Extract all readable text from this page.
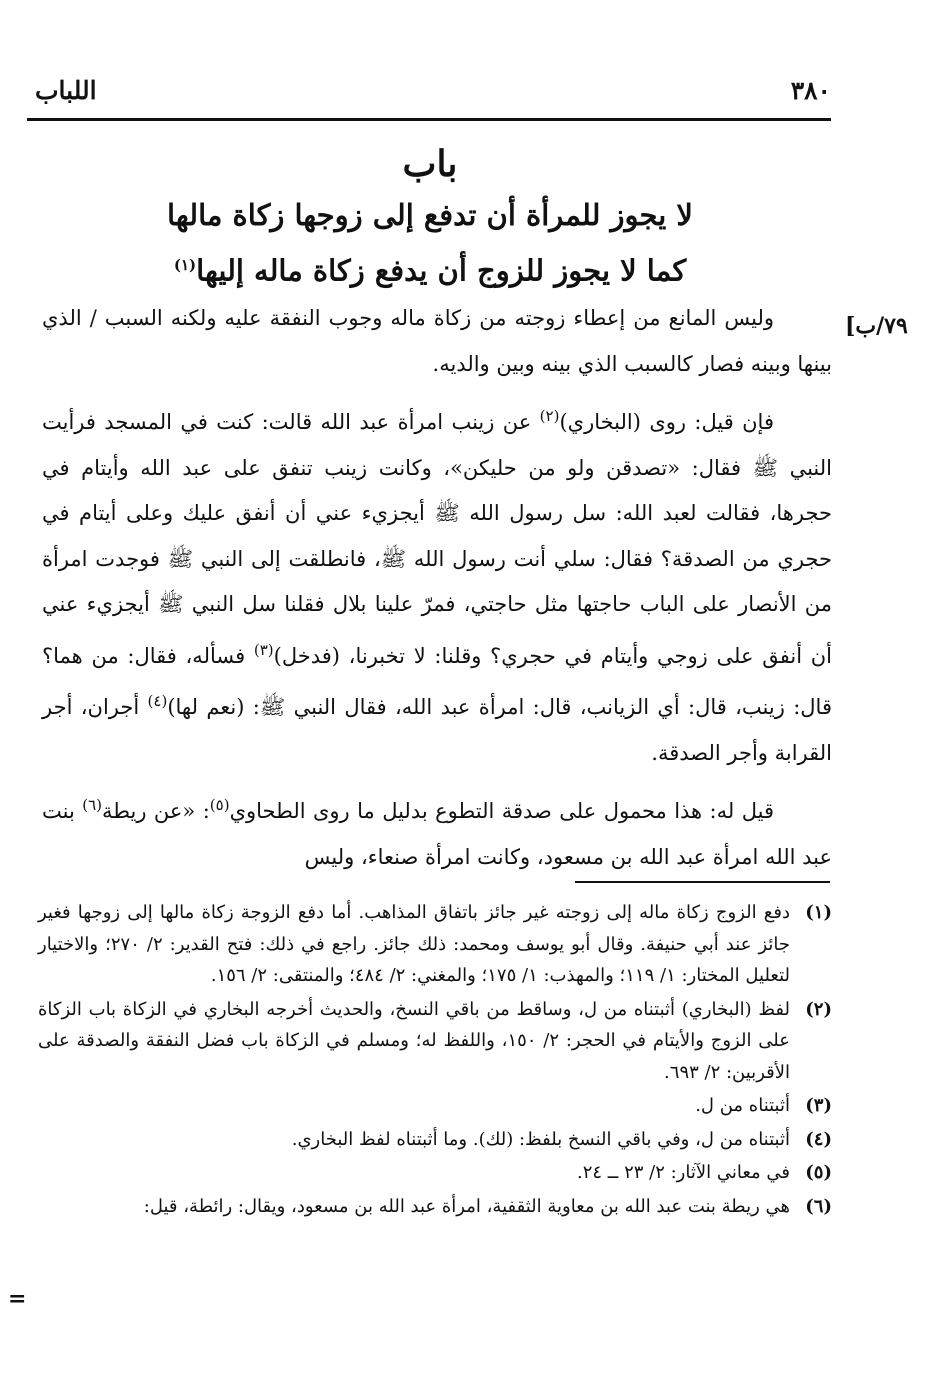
٣٨٠
اللباب
باب
لا يجوز للمرأة أن تدفع إلى زوجها زكاة مالها
كما لا يجوز للزوج أن يدفع زكاة ماله إليها$^{(١)}$
٧٩/ب]

وليس المانع من إعطاء زوجته من زكاة ماله وجوب النفقة عليه ولكنه السبب / الذي بينها وبينه فصار كالسبب الذي بينه وبين والديه.

فإن قيل: روى (البخاري)$^{(٢)}$ عن زينب امرأة عبد الله قالت: كنت في المسجد فرأيت النبي ﷺ فقال: «تصدقن ولو من حليكن»، وكانت زينب تنفق على عبد الله وأيتام في حجرها، فقالت لعبد الله: سل رسول الله ﷺ أيجزيء عني أن أنفق عليك وعلى أيتام في حجري من الصدقة؟ فقال: سلي أنت رسول الله ﷺ، فانطلقت إلى النبي ﷺ فوجدت امرأة من الأنصار على الباب حاجتها مثل حاجتي، فمرّ علينا بلال فقلنا سل النبي ﷺ أيجزيء عني أن أنفق على زوجي وأيتام في حجري؟ وقلنا: لا تخبرنا، (فدخل)$^{(٣)}$ فسأله، فقال: من هما؟ قال: زينب، قال: أي الزيانب، قال: امرأة عبد الله، فقال النبي ﷺ: (نعم لها)$^{(٤)}$ أجران، أجر القرابة وأجر الصدقة.

قيل له: هذا محمول على صدقة التطوع بدليل ما روى الطحاوي$^{(٥)}$: «عن ريطة$^{(٦)}$ بنت عبد الله امرأة عبد الله بن مسعود، وكانت امرأة صنعاء، وليس

(١)
دفع الزوج زكاة ماله إلى زوجته غير جائز باتفاق المذاهب. أما دفع الزوجة زكاة مالها إلى زوجها فغير جائز عند أبي حنيفة. وقال أبو يوسف ومحمد: ذلك جائز. راجع في ذلك: فتح القدير: ٢/ ٢٧٠؛ والاختيار لتعليل المختار: ١/ ١١٩؛ والمهذب: ١/ ١٧٥؛ والمغني: ٢/ ٤٨٤؛ والمنتقى: ٢/ ١٥٦.
(٢)
لفظ (البخاري) أثبتناه من ل، وساقط من باقي النسخ، والحديث أخرجه البخاري في الزكاة باب الزكاة على الزوج والأيتام في الحجر: ٢/ ١٥٠، واللفظ له؛ ومسلم في الزكاة باب فضل النفقة والصدقة على الأقربين: ٢/ ٦٩٣.
(٣)
أثبتناه من ل.
(٤)
أثبتناه من ل، وفي باقي النسخ بلفظ: (لك). وما أثبتناه لفظ البخاري.
(٥)
في معاني الآثار: ٢/ ٢٣ ــ ٢٤.
(٦)
هي ريطة بنت عبد الله بن معاوية الثقفية، امرأة عبد الله بن مسعود، ويقال: رائطة، قيل:
=
